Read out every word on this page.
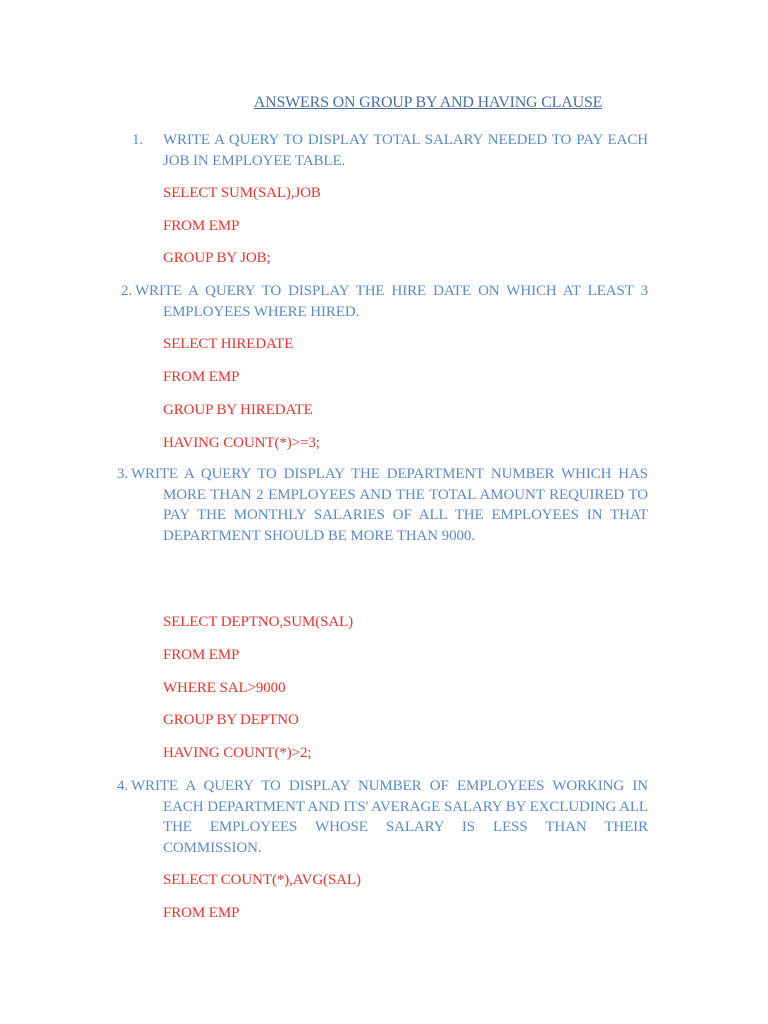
ANSWERS ON GROUP BY AND HAVING CLAUSE
1. WRITE A QUERY TO DISPLAY TOTAL SALARY NEEDED TO PAY EACH JOB IN EMPLOYEE TABLE.
SELECT SUM(SAL),JOB
FROM EMP
GROUP BY JOB;
2. WRITE A QUERY TO DISPLAY THE HIRE DATE ON WHICH AT LEAST 3 EMPLOYEES WHERE HIRED.
SELECT HIREDATE
FROM EMP
GROUP BY HIREDATE
HAVING COUNT(*)>=3;
3. WRITE A QUERY TO DISPLAY THE DEPARTMENT NUMBER WHICH HAS MORE THAN 2 EMPLOYEES AND THE TOTAL AMOUNT REQUIRED TO PAY THE MONTHLY SALARIES OF ALL THE EMPLOYEES IN THAT DEPARTMENT SHOULD BE MORE THAN 9000.
SELECT DEPTNO,SUM(SAL)
FROM EMP
WHERE SAL>9000
GROUP BY DEPTNO
HAVING COUNT(*)>2;
4. WRITE A QUERY TO DISPLAY NUMBER OF EMPLOYEES WORKING IN EACH DEPARTMENT AND ITS' AVERAGE SALARY BY EXCLUDING ALL THE EMPLOYEES WHOSE SALARY IS LESS THAN THEIR COMMISSION.
SELECT COUNT(*),AVG(SAL)
FROM EMP
